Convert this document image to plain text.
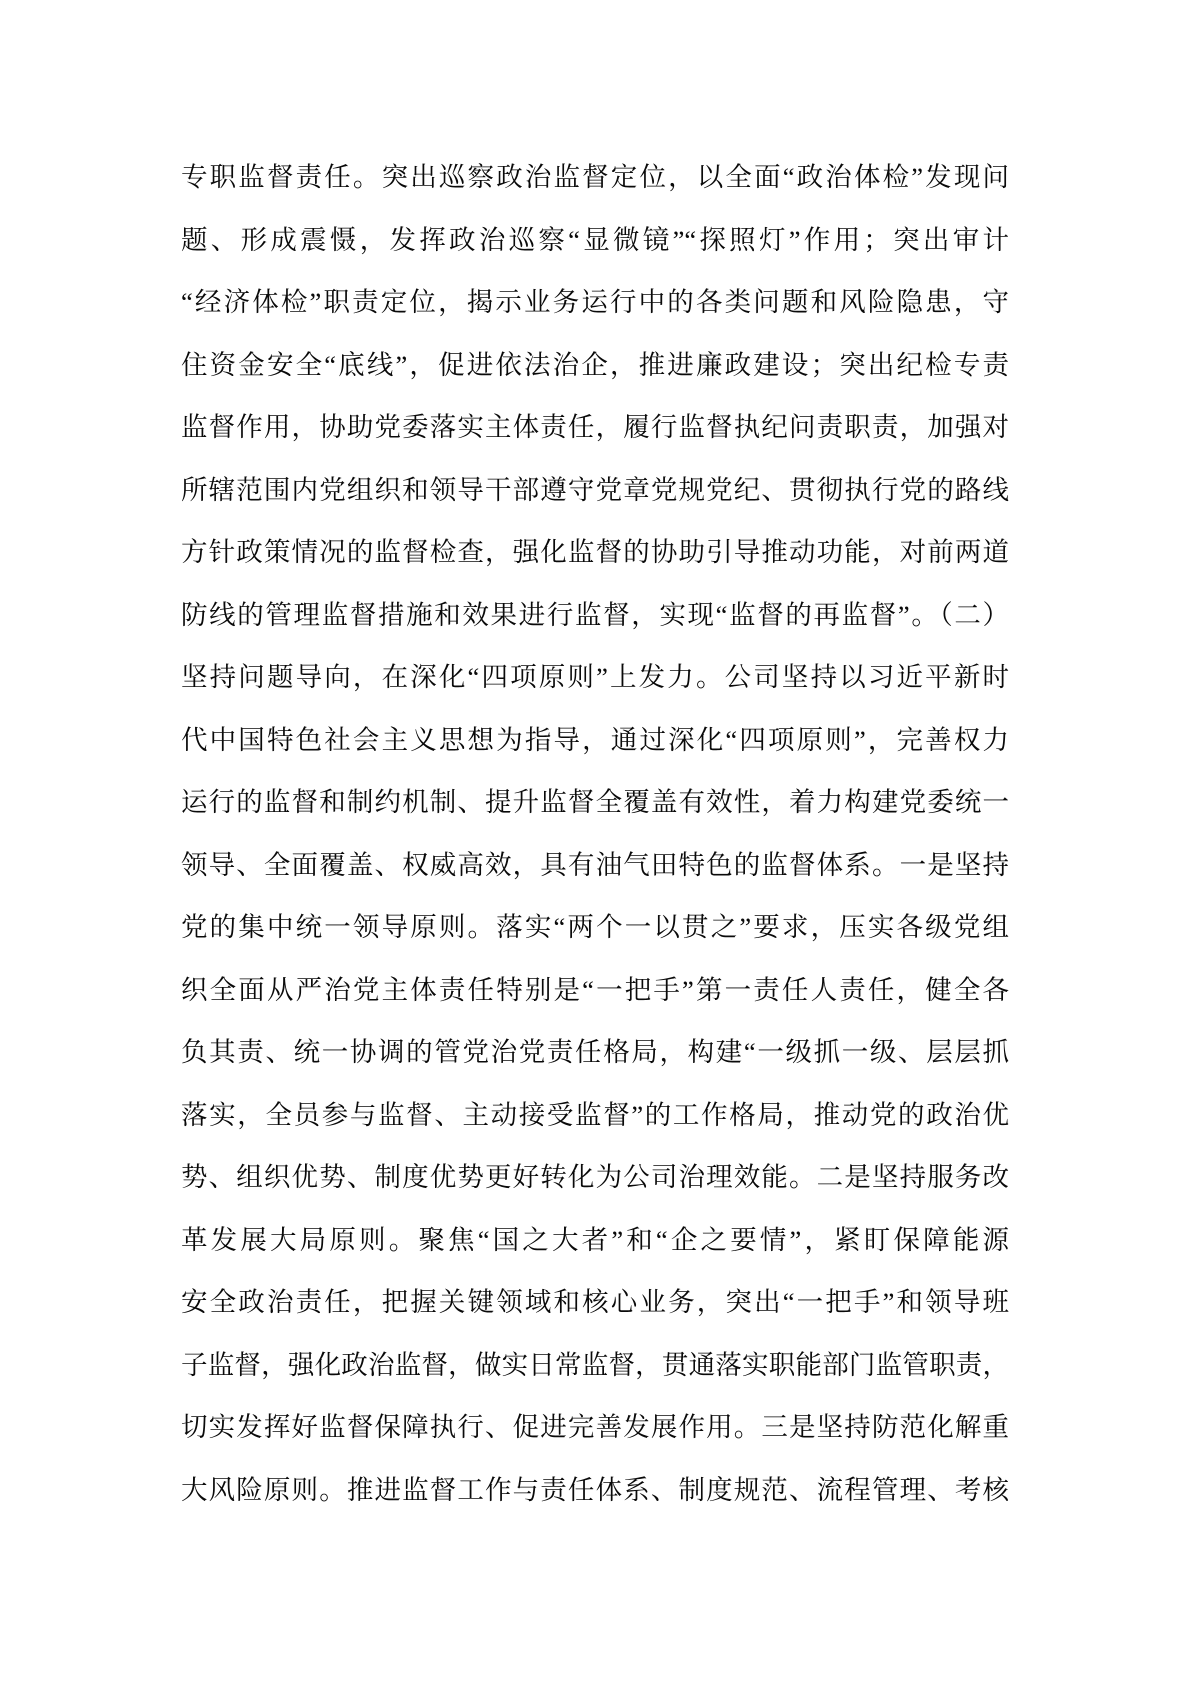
专职监督责任。突出巡察政治监督定位，以全面“政治体检”发现问
题、形成震慑，发挥政治巡察“显微镜”“探照灯”作用；突出审计
“经济体检”职责定位，揭示业务运行中的各类问题和风险隐患，守
住资金安全“底线”，促进依法治企，推进廉政建设；突出纪检专责
监督作用，协助党委落实主体责任，履行监督执纪问责职责，加强对
所辖范围内党组织和领导干部遵守党章党规党纪、贯彻执行党的路线
方针政策情况的监督检查，强化监督的协助引导推动功能，对前两道
防线的管理监督措施和效果进行监督，实现“监督的再监督”。（二）
坚持问题导向，在深化“四项原则”上发力。公司坚持以习近平新时
代中国特色社会主义思想为指导，通过深化“四项原则”，完善权力
运行的监督和制约机制、提升监督全覆盖有效性，着力构建党委统一
领导、全面覆盖、权威高效，具有油气田特色的监督体系。一是坚持
党的集中统一领导原则。落实“两个一以贯之”要求，压实各级党组
织全面从严治党主体责任特别是“一把手”第一责任人责任，健全各
负其责、统一协调的管党治党责任格局，构建“一级抓一级、层层抓
落实，全员参与监督、主动接受监督”的工作格局，推动党的政治优
势、组织优势、制度优势更好转化为公司治理效能。二是坚持服务改
革发展大局原则。聚焦“国之大者”和“企之要情”，紧盯保障能源
安全政治责任，把握关键领域和核心业务，突出“一把手”和领导班
子监督，强化政治监督，做实日常监督，贯通落实职能部门监管职责，
切实发挥好监督保障执行、促进完善发展作用。三是坚持防范化解重
大风险原则。推进监督工作与责任体系、制度规范、流程管理、考核
